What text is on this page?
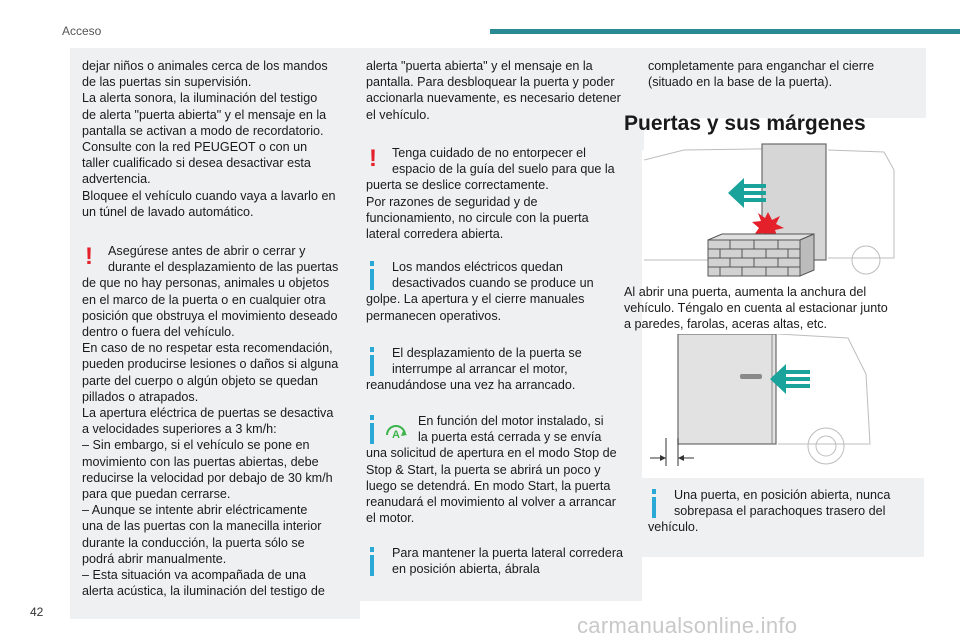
Acceso
dejar niños o animales cerca de los mandos
de las puertas sin supervisión.
La alerta sonora, la iluminación del testigo
de alerta "puerta abierta" y el mensaje en la
pantalla se activan a modo de recordatorio.
Consulte con la red PEUGEOT o con un
taller cualificado si desea desactivar esta
advertencia.
Bloquee el vehículo cuando vaya a lavarlo en
un túnel de lavado automático.
!	Asegúrese antes de abrir o cerrar y
durante el desplazamiento de las puertas
de que no hay personas, animales u objetos
en el marco de la puerta o en cualquier otra
posición que obstruya el movimiento deseado
dentro o fuera del vehículo.
En caso de no respetar esta recomendación,
pueden producirse lesiones o daños si alguna
parte del cuerpo o algún objeto se quedan
pillados o atrapados.
La apertura eléctrica de puertas se desactiva
a velocidades superiores a 3 km/h:
– Sin embargo, si el vehículo se pone en
movimiento con las puertas abiertas, debe
reducirse la velocidad por debajo de 30 km/h
para que puedan cerrarse.
– Aunque se intente abrir eléctricamente
una de las puertas con la manecilla interior
durante la conducción, la puerta sólo se
podrá abrir manualmente.
– Esta situación va acompañada de una
alerta acústica, la iluminación del testigo de
alerta "puerta abierta" y el mensaje en la
pantalla. Para desbloquear la puerta y poder
accionarla nuevamente, es necesario detener
el vehículo.
!	Tenga cuidado de no entorpecer el
espacio de la guía del suelo para que la
puerta se deslice correctamente.
Por razones de seguridad y de
funcionamiento, no circule con la puerta
lateral corredera abierta.
Los mandos eléctricos quedan
desactivados cuando se produce un
golpe. La apertura y el cierre manuales
permanecen operativos.
El desplazamiento de la puerta se
interrumpe al arrancar el motor,
reanudándose una vez ha arrancado.
A
En función del motor instalado, si
la puerta está cerrada y se envía
una solicitud de apertura en el modo Stop de
Stop & Start, la puerta se abrirá un poco y
luego se detendrá. En modo Start, la puerta
reanudará el movimiento al volver a arrancar
el motor.
Para mantener la puerta lateral corredera
en posición abierta, ábrala
completamente para enganchar el cierre
(situado en la base de la puerta).
Puertas y sus márgenes
Al abrir una puerta, aumenta la anchura del
vehículo. Téngalo en cuenta al estacionar junto
a paredes, farolas, aceras altas, etc.
Una puerta, en posición abierta, nunca
sobrepasa el parachoques trasero del
vehículo.
42
carmanualsonline.info
